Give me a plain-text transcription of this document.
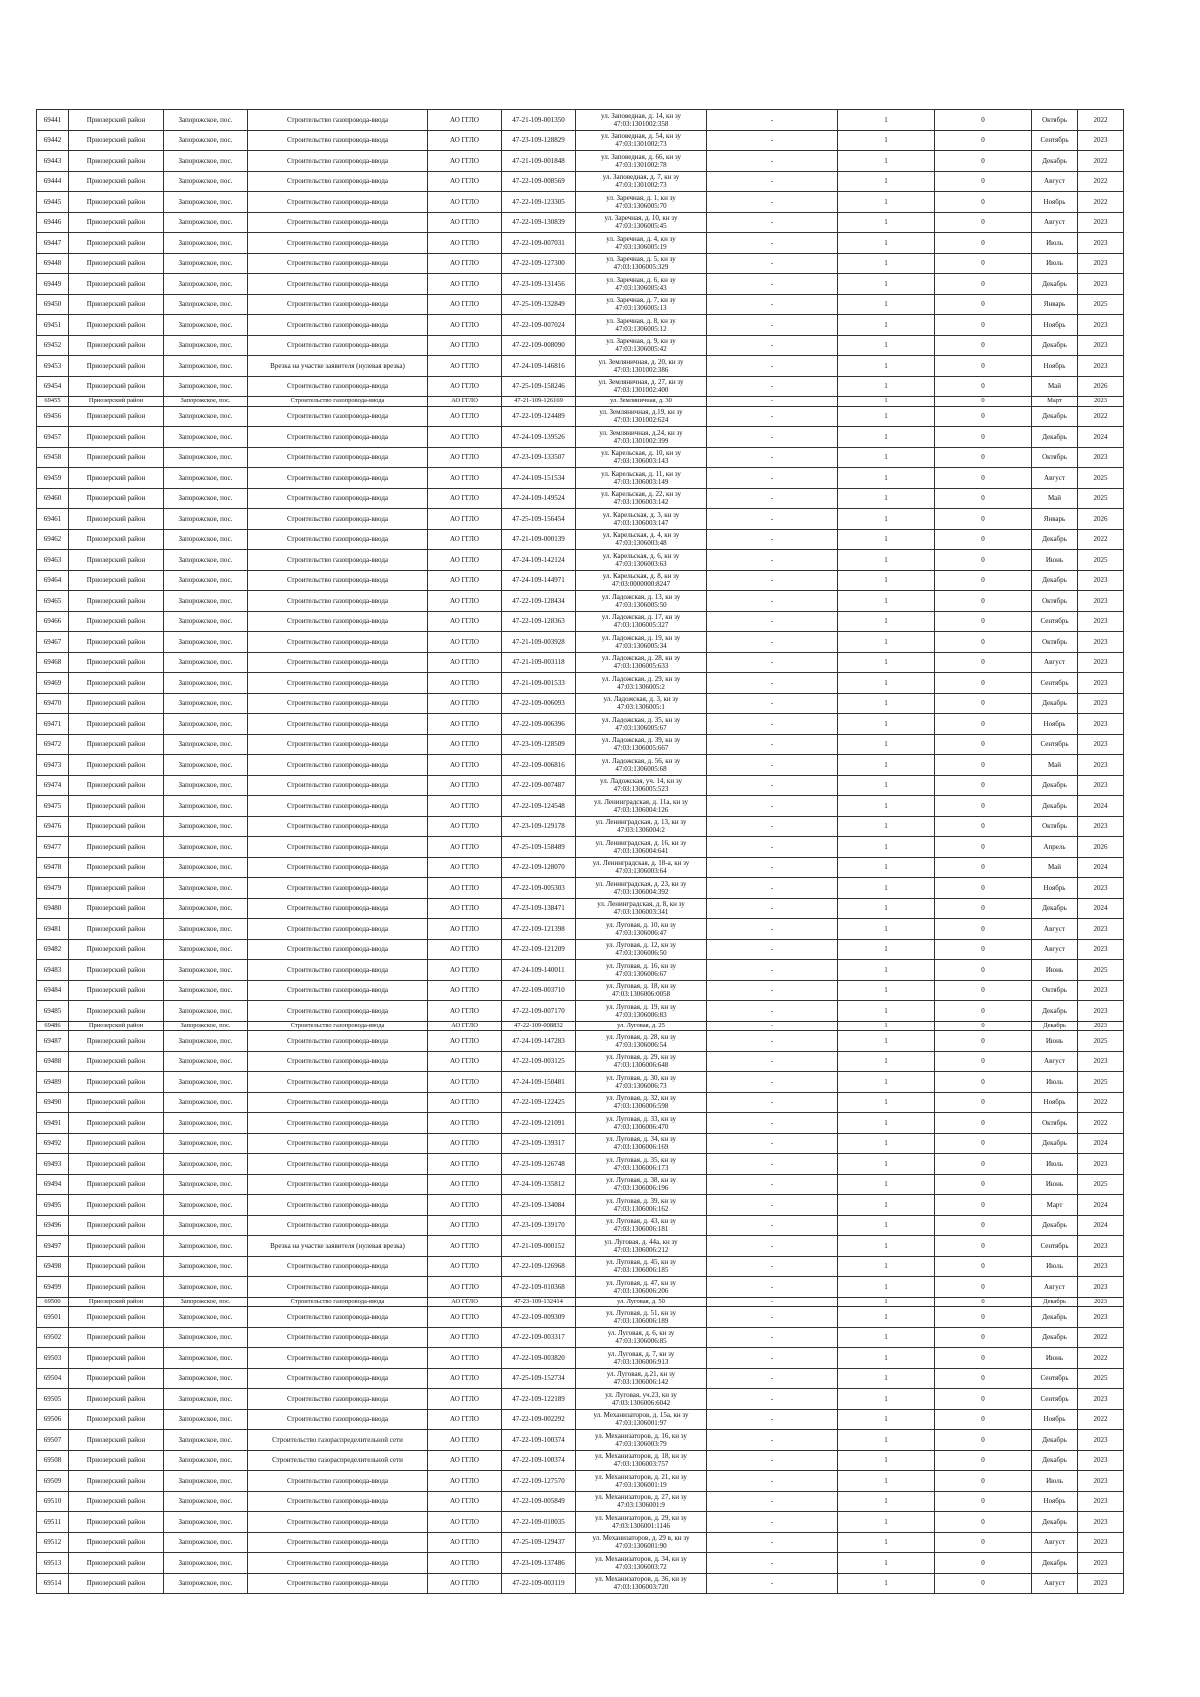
69441	Приозерский район	Запорожское, пос.	Строительство газопровода-ввода	АО ГГЛО	47-21-109-001350	ул. Заповедная, д. 14, кн зу
47:03:1301002:358	-	1	0	Октябрь	2022
69442	Приозерский район	Запорожское, пос.	Строительство газопровода-ввода	АО ГГЛО	47-23-109-128829	ул. Заповедная, д. 54, кн зу
47:03:1301002:73	-	1	0	Сентябрь	2023
69443	Приозерский район	Запорожское, пос.	Строительство газопровода-ввода	АО ГГЛО	47-21-109-001848	ул. Заповедная, д. 66, кн зу
47:03:1301002:78	-	1	0	Декабрь	2022
69444	Приозерский район	Запорожское, пос.	Строительство газопровода-ввода	АО ГГЛО	47-22-109-008569	ул. Заповедная, д. 7, кн зу
47:03:1301002:73	-	1	0	Август	2022
69445	Приозерский район	Запорожское, пос.	Строительство газопровода-ввода	АО ГГЛО	47-22-109-123305	ул. Заречная, д. 1, кн зу
47:03:1306005:70	-	1	0	Ноябрь	2022
69446	Приозерский район	Запорожское, пос.	Строительство газопровода-ввода	АО ГГЛО	47-22-109-130839	ул. Заречная, д. 10, кн зу
47:03:1306005:45	-	1	0	Август	2023
69447	Приозерский район	Запорожское, пос.	Строительство газопровода-ввода	АО ГГЛО	47-22-109-007031	ул. Заречная, д. 4, кн зу
47:03:1306005:19	-	1	0	Июль	2023
69448	Приозерский район	Запорожское, пос.	Строительство газопровода-ввода	АО ГГЛО	47-22-109-127300	ул. Заречная, д. 5, кн зу
47:03:1306005:329	-	1	0	Июль	2023
69449	Приозерский район	Запорожское, пос.	Строительство газопровода-ввода	АО ГГЛО	47-23-109-131456	ул. Заречная, д. 6, кн зу
47:03:1306005:43	-	1	0	Декабрь	2023
69450	Приозерский район	Запорожское, пос.	Строительство газопровода-ввода	АО ГГЛО	47-25-109-132849	ул. Заречная, д. 7, кн зу
47:03:1306005:13	-	1	0	Январь	2025
69451	Приозерский район	Запорожское, пос.	Строительство газопровода-ввода	АО ГГЛО	47-22-109-007024	ул. Заречная, д. 8, кн зу
47:03:1306005:12	-	1	0	Ноябрь	2023
69452	Приозерский район	Запорожское, пос.	Строительство газопровода-ввода	АО ГГЛО	47-22-109-008090	ул. Заречная, д. 9, кн зу
47:03:1306005:42	-	1	0	Декабрь	2023
69453	Приозерский район	Запорожское, пос.	Врезка на участке заявителя (нулевая врезка)	АО ГГЛО	47-24-109-146816	ул. Земляничная, д. 20, кн зу
47:03:1301002:386	-	1	0	Ноябрь	2023
69454	Приозерский район	Запорожское, пос.	Строительство газопровода-ввода	АО ГГЛО	47-25-109-158246	ул. Земляничная, д. 27, кн зу
47:03:1301002:400	-	1	0	Май	2026
69455	Приозерский район	Запорожское, пос.	Строительство газопровода-ввода	АО ГГЛО	47-21-109-126169	ул. Земляничная, д. 30	-	1	0	Март	2023
69456	Приозерский район	Запорожское, пос.	Строительство газопровода-ввода	АО ГГЛО	47-22-109-124489	ул. Земляничная, д.19, кн зу
47:03:1301002:624	-	1	0	Декабрь	2022
69457	Приозерский район	Запорожское, пос.	Строительство газопровода-ввода	АО ГГЛО	47-24-109-139526	ул. Земляничная, д.24, кн зу
47:03:1301002:399	-	1	0	Декабрь	2024
69458	Приозерский район	Запорожское, пос.	Строительство газопровода-ввода	АО ГГЛО	47-23-109-133507	ул. Карельская, д. 10, кн зу
47:03:1306003:143	-	1	0	Октябрь	2023
69459	Приозерский район	Запорожское, пос.	Строительство газопровода-ввода	АО ГГЛО	47-24-109-151534	ул. Карельская, д. 11, кн зу
47:03:1306003:149	-	1	0	Август	2025
69460	Приозерский район	Запорожское, пос.	Строительство газопровода-ввода	АО ГГЛО	47-24-109-149524	ул. Карельская, д. 22, кн зу
47:03:1306003:142	-	1	0	Май	2025
69461	Приозерский район	Запорожское, пос.	Строительство газопровода-ввода	АО ГГЛО	47-25-109-156454	ул. Карельская, д. 3, кн зу
47:03:1306003:147	-	1	0	Январь	2026
69462	Приозерский район	Запорожское, пос.	Строительство газопровода-ввода	АО ГГЛО	47-21-109-000139	ул. Карельская, д. 4, кн зу
47:03:1306003:48	-	1	0	Декабрь	2022
69463	Приозерский район	Запорожское, пос.	Строительство газопровода-ввода	АО ГГЛО	47-24-109-142124	ул. Карельская, д. 6, кн зу
47:03:1306003:63	-	1	0	Июнь	2025
69464	Приозерский район	Запорожское, пос.	Строительство газопровода-ввода	АО ГГЛО	47-24-109-144971	ул. Карельская, д. 8, кн зу
47:03:0000000:8247	-	1	0	Декабрь	2023
69465	Приозерский район	Запорожское, пос.	Строительство газопровода-ввода	АО ГГЛО	47-22-109-128434	ул. Ладожская, д. 13, кн зу
47:03:1306005:50	-	1	0	Октябрь	2023
69466	Приозерский район	Запорожское, пос.	Строительство газопровода-ввода	АО ГГЛО	47-22-109-128363	ул. Ладожская, д. 17, кн зу
47:03:1306005:327	-	1	0	Сентябрь	2023
69467	Приозерский район	Запорожское, пос.	Строительство газопровода-ввода	АО ГГЛО	47-21-109-003928	ул. Ладожская, д. 19, кн зу
47:03:1306005:34	-	1	0	Октябрь	2023
69468	Приозерский район	Запорожское, пос.	Строительство газопровода-ввода	АО ГГЛО	47-21-109-003118	ул. Ладожская, д. 28, кн зу
47:03:1306005:633	-	1	0	Август	2023
69469	Приозерский район	Запорожское, пос.	Строительство газопровода-ввода	АО ГГЛО	47-21-109-001533	ул. Ладожская, д. 29, кн зу
47:03:1306005:2	-	1	0	Сентябрь	2023
69470	Приозерский район	Запорожское, пос.	Строительство газопровода-ввода	АО ГГЛО	47-22-109-006093	ул. Ладожская, д. 3, кн зу
47:03:1306005:1	-	1	0	Декабрь	2023
69471	Приозерский район	Запорожское, пос.	Строительство газопровода-ввода	АО ГГЛО	47-22-109-006396	ул. Ладожская, д. 35, кн зу
47:03:1306005:67	-	1	0	Ноябрь	2023
69472	Приозерский район	Запорожское, пос.	Строительство газопровода-ввода	АО ГГЛО	47-23-109-128509	ул. Ладожская, д. 39, кн зу
47:03:1306005:667	-	1	0	Сентябрь	2023
69473	Приозерский район	Запорожское, пос.	Строительство газопровода-ввода	АО ГГЛО	47-22-109-006816	ул. Ладожская, д. 56, кн зу
47:03:1306005:68	-	1	0	Май	2023
69474	Приозерский район	Запорожское, пос.	Строительство газопровода-ввода	АО ГГЛО	47-22-109-007487	ул. Ладожская, уч. 14, кн зу
47:03:1306005:523	-	1	0	Декабрь	2023
69475	Приозерский район	Запорожское, пос.	Строительство газопровода-ввода	АО ГГЛО	47-22-109-124548	ул. Ленинградская, д. 11а, кн зу
47:03:1306004:126	-	1	0	Декабрь	2024
69476	Приозерский район	Запорожское, пос.	Строительство газопровода-ввода	АО ГГЛО	47-23-109-129178	ул. Ленинградская, д. 13, кн зу
47:03:1306004:2	-	1	0	Октябрь	2023
69477	Приозерский район	Запорожское, пос.	Строительство газопровода-ввода	АО ГГЛО	47-25-109-158489	ул. Ленинградская, д. 16, кн зу
47:03:1306004:641	-	1	0	Апрель	2026
69478	Приозерский район	Запорожское, пос.	Строительство газопровода-ввода	АО ГГЛО	47-22-109-128070	ул. Ленинградская, д. 18-а, кн зу
47:03:1306003:64	-	1	0	Май	2024
69479	Приозерский район	Запорожское, пос.	Строительство газопровода-ввода	АО ГГЛО	47-22-109-005303	ул. Ленинградская, д. 23, кн зу
47:03:1306004:392	-	1	0	Ноябрь	2023
69480	Приозерский район	Запорожское, пос.	Строительство газопровода-ввода	АО ГГЛО	47-23-109-138471	ул. Ленинградская, д. 8, кн зу
47:03:1306003:341	-	1	0	Декабрь	2024
69481	Приозерский район	Запорожское, пос.	Строительство газопровода-ввода	АО ГГЛО	47-22-109-121398	ул. Луговая, д. 10, кн зу
47:03:1306006:47	-	1	0	Август	2023
69482	Приозерский район	Запорожское, пос.	Строительство газопровода-ввода	АО ГГЛО	47-22-109-121209	ул. Луговая, д. 12, кн зу
47:03:1306006:50	-	1	0	Август	2023
69483	Приозерский район	Запорожское, пос.	Строительство газопровода-ввода	АО ГГЛО	47-24-109-140011	ул. Луговая, д. 16, кн зу
47:03:1306006:67	-	1	0	Июнь	2025
69484	Приозерский район	Запорожское, пос.	Строительство газопровода-ввода	АО ГГЛО	47-22-109-003710	ул. Луговая, д. 18, кн зу
47:03:1306006:0058	-	1	0	Октябрь	2023
69485	Приозерский район	Запорожское, пос.	Строительство газопровода-ввода	АО ГГЛО	47-22-109-007170	ул. Луговая, д. 19, кн зу
47:03:1306006:83	-	1	0	Декабрь	2023
69486	Приозерский район	Запорожское, пос.	Строительство газопровода-ввода	АО ГГЛО	47-22-109-008832	ул. Луговая, д. 25	-	1	0	Декабрь	2023
69487	Приозерский район	Запорожское, пос.	Строительство газопровода-ввода	АО ГГЛО	47-24-109-147283	ул. Луговая, д. 28, кн зу
47:03:1306006:54	-	1	0	Июнь	2025
69488	Приозерский район	Запорожское, пос.	Строительство газопровода-ввода	АО ГГЛО	47-22-109-003125	ул. Луговая, д. 29, кн зу
47:03:1306006:648	-	1	0	Август	2023
69489	Приозерский район	Запорожское, пос.	Строительство газопровода-ввода	АО ГГЛО	47-24-109-150481	ул. Луговая, д. 30, кн зу
47:03:1306006:73	-	1	0	Июль	2025
69490	Приозерский район	Запорожское, пос.	Строительство газопровода-ввода	АО ГГЛО	47-22-109-122425	ул. Луговая, д. 32, кн зу
47:03:1306006:598	-	1	0	Ноябрь	2022
69491	Приозерский район	Запорожское, пос.	Строительство газопровода-ввода	АО ГГЛО	47-22-109-121091	ул. Луговая, д. 33, кн зу
47:03:1306006:470	-	1	0	Октябрь	2022
69492	Приозерский район	Запорожское, пос.	Строительство газопровода-ввода	АО ГГЛО	47-23-109-139317	ул. Луговая, д. 34, кн зу
47:03:1306006:169	-	1	0	Декабрь	2024
69493	Приозерский район	Запорожское, пос.	Строительство газопровода-ввода	АО ГГЛО	47-23-109-126748	ул. Луговая, д. 35, кн зу
47:03:1306006:173	-	1	0	Июль	2023
69494	Приозерский район	Запорожское, пос.	Строительство газопровода-ввода	АО ГГЛО	47-24-109-135812	ул. Луговая, д. 38, кн зу
47:03:1306006:196	-	1	0	Июнь	2025
69495	Приозерский район	Запорожское, пос.	Строительство газопровода-ввода	АО ГГЛО	47-23-109-134084	ул. Луговая, д. 39, кн зу
47:03:1306006:162	-	1	0	Март	2024
69496	Приозерский район	Запорожское, пос.	Строительство газопровода-ввода	АО ГГЛО	47-23-109-139170	ул. Луговая, д. 43, кн зу
47:03:1306006:181	-	1	0	Декабрь	2024
69497	Приозерский район	Запорожское, пос.	Врезка на участке заявителя (нулевая врезка)	АО ГГЛО	47-21-109-000152	ул. Луговая, д. 44а, кн зу
47:03:1306006:212	-	1	0	Сентябрь	2023
69498	Приозерский район	Запорожское, пос.	Строительство газопровода-ввода	АО ГГЛО	47-22-109-126968	ул. Луговая, д. 45, кн зу
47:03:1306006:185	-	1	0	Июль	2023
69499	Приозерский район	Запорожское, пос.	Строительство газопровода-ввода	АО ГГЛО	47-22-109-010368	ул. Луговая, д. 47, кн зу
47:03:1306006:206	-	1	0	Август	2023
69500	Приозерский район	Запорожское, пос.	Строительство газопровода-ввода	АО ГГЛО	47-23-109-132414	ул. Луговая, д. 50	-	1	0	Декабрь	2023
69501	Приозерский район	Запорожское, пос.	Строительство газопровода-ввода	АО ГГЛО	47-22-109-009309	ул. Луговая, д. 51, кн зу
47:03:1306006:189	-	1	0	Декабрь	2023
69502	Приозерский район	Запорожское, пос.	Строительство газопровода-ввода	АО ГГЛО	47-22-109-003317	ул. Луговая, д. 6, кн зу
47:03:1306006:85	-	1	0	Декабрь	2022
69503	Приозерский район	Запорожское, пос.	Строительство газопровода-ввода	АО ГГЛО	47-22-109-003820	ул. Луговая, д. 7, кн зу
47:03:1306006:913	-	1	0	Июнь	2022
69504	Приозерский район	Запорожское, пос.	Строительство газопровода-ввода	АО ГГЛО	47-25-109-152734	ул. Луговая, д.21, кн зу
47:03:1306006:142	-	1	0	Сентябрь	2025
69505	Приозерский район	Запорожское, пос.	Строительство газопровода-ввода	АО ГГЛО	47-22-109-122189	ул. Луговая, уч.23, кн зу
47:03:1306006:6042	-	1	0	Сентябрь	2023
69506	Приозерский район	Запорожское, пос.	Строительство газопровода-ввода	АО ГГЛО	47-22-109-002292	ул. Механизаторов, д. 15а, кн зу
47:03:1306001:97	-	1	0	Ноябрь	2022
69507	Приозерский район	Запорожское, пос.	Строительство газораспределительной сети	АО ГГЛО	47-22-109-100374	ул. Механизаторов, д. 16, кн зу
47:03:1306003:79	-	1	0	Декабрь	2023
69508	Приозерский район	Запорожское, пос.	Строительство газораспределительной сети	АО ГГЛО	47-22-109-100374	ул. Механизаторов, д. 18, кн зу
47:03:1306003:757	-	1	0	Декабрь	2023
69509	Приозерский район	Запорожское, пос.	Строительство газопровода-ввода	АО ГГЛО	47-22-109-127570	ул. Механизаторов, д. 21, кн зу
47:03:1306001:19	-	1	0	Июль	2023
69510	Приозерский район	Запорожское, пос.	Строительство газопровода-ввода	АО ГГЛО	47-22-109-005849	ул. Механизаторов, д. 27, кн зу
47:03:1306001:9	-	1	0	Ноябрь	2023
69511	Приозерский район	Запорожское, пос.	Строительство газопровода-ввода	АО ГГЛО	47-22-109-010035	ул. Механизаторов, д. 29, кн зу
47:03:1306001:1146	-	1	0	Декабрь	2023
69512	Приозерский район	Запорожское, пос.	Строительство газопровода-ввода	АО ГГЛО	47-25-109-129437	ул. Механизаторов, д. 29 в, кн зу
47:03:1306001:90	-	1	0	Август	2023
69513	Приозерский район	Запорожское, пос.	Строительство газопровода-ввода	АО ГГЛО	47-23-109-137486	ул. Механизаторов, д. 34, кн зу
47:03:1306003:72	-	1	0	Декабрь	2023
69514	Приозерский район	Запорожское, пос.	Строительство газопровода-ввода	АО ГГЛО	47-22-109-003119	ул. Механизаторов, д. 36, кн зу
47:03:1306003:720	-	1	0	Август	2023
